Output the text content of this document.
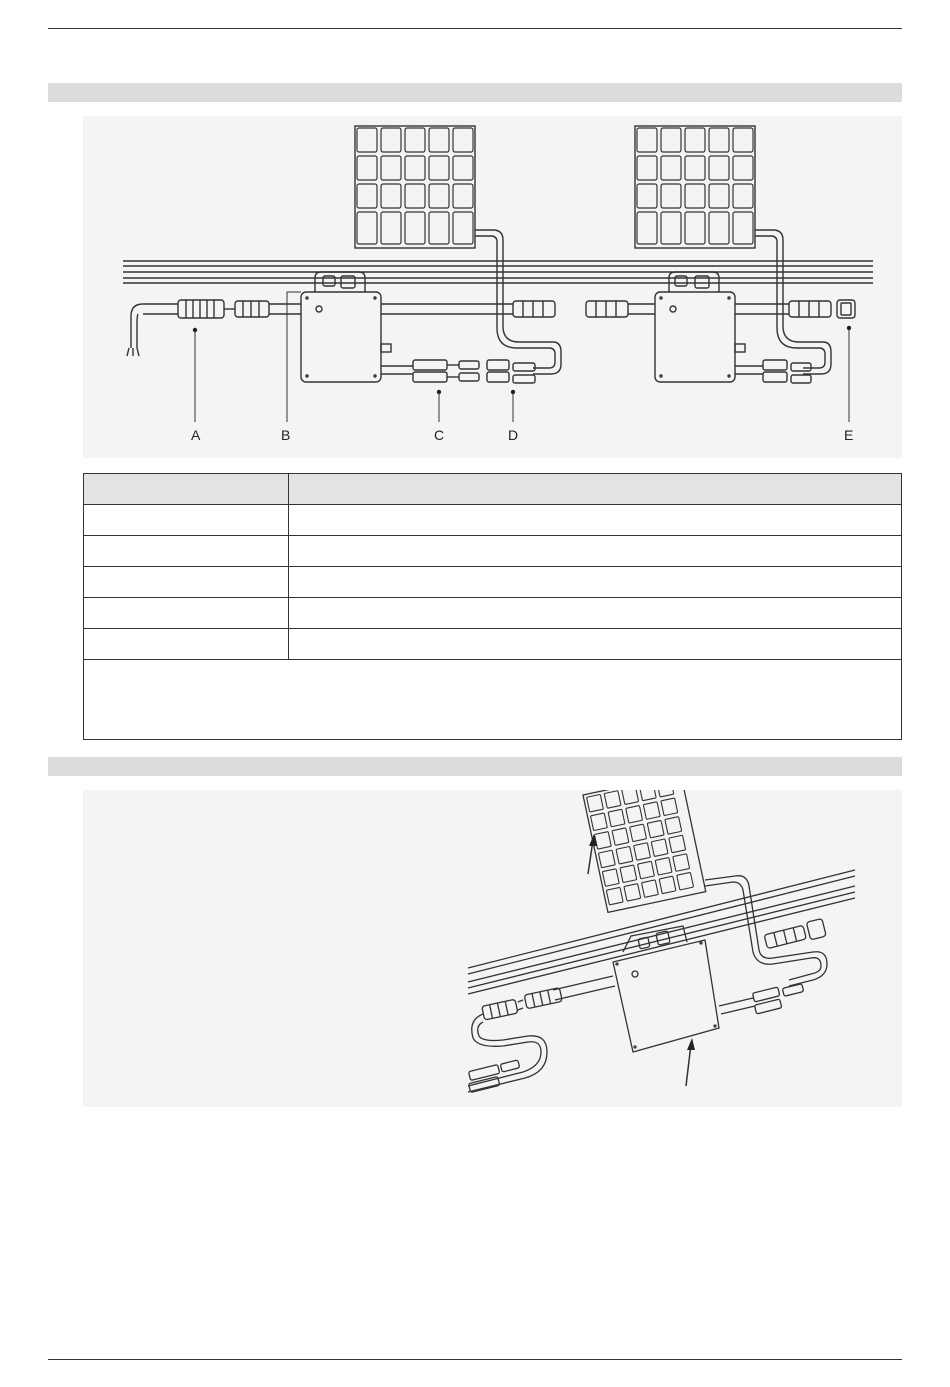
A	B	C	D	E
